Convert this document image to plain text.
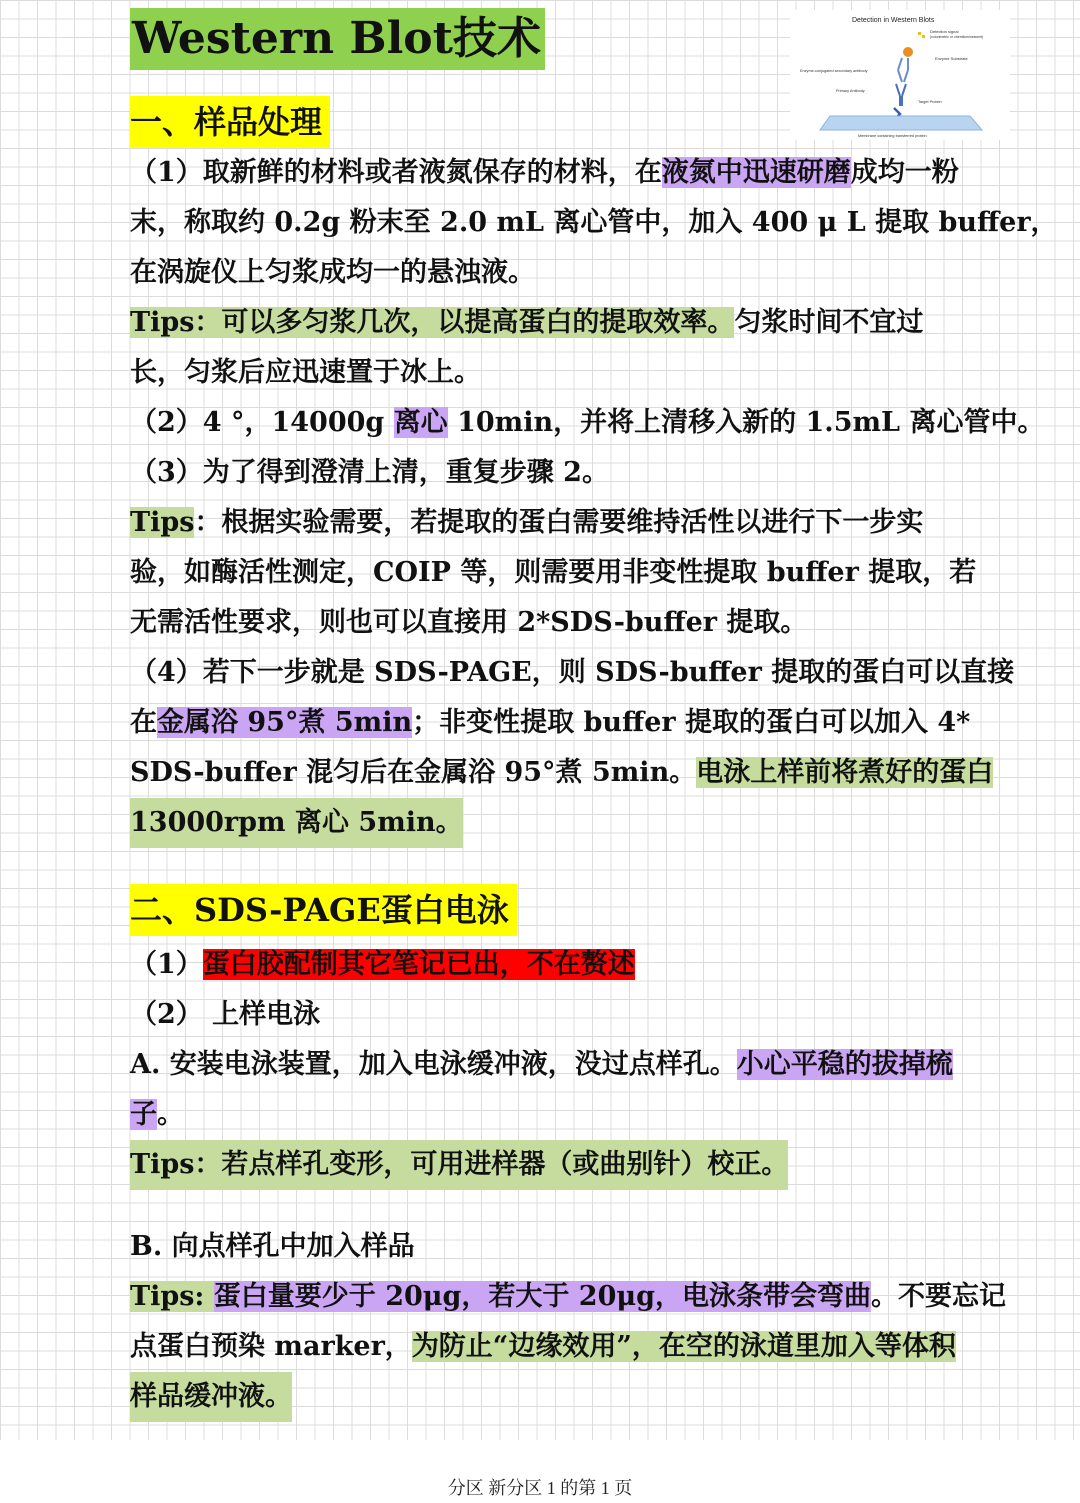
Western Blot技术	Detection in Western Blots
Detection signal
(colorimetric or chemiluminescent)
Enzyme Substrate
Enzyme-conjugated secondary antibody
Primary Antibody
Target Protein
Membrane containing transferred protein
一、样品处理
（1）取新鲜的材料或者液氮保存的材料，在液氮中迅速研磨成均一粉
末，称取约 0.2g 粉末至 2.0 mL 离心管中，加入 400 μ L 提取 buffer，
在涡旋仪上匀浆成均一的悬浊液。
Tips：可以多匀浆几次，以提高蛋白的提取效率。匀浆时间不宜过
长，匀浆后应迅速置于冰上。
（2）4 °，14000g 离心 10min，并将上清移入新的 1.5mL 离心管中。
（3）为了得到澄清上清，重复步骤 2。
Tips：根据实验需要，若提取的蛋白需要维持活性以进行下一步实
验，如酶活性测定，COIP 等，则需要用非变性提取 buffer 提取，若
无需活性要求，则也可以直接用 2*SDS-buffer 提取。
（4）若下一步就是 SDS-PAGE，则 SDS-buffer 提取的蛋白可以直接
在金属浴 95°煮 5min；非变性提取 buffer 提取的蛋白可以加入 4*
SDS-buffer 混匀后在金属浴 95°煮 5min。电泳上样前将煮好的蛋白
13000rpm 离心 5min。
二、SDS-PAGE蛋白电泳
（1）蛋白胶配制其它笔记已出，不在赘述
（2） 上样电泳
A. 安装电泳装置，加入电泳缓冲液，没过点样孔。小心平稳的拔掉梳
子。
Tips：若点样孔变形，可用进样器（或曲别针）校正。
B. 向点样孔中加入样品
Tips: 蛋白量要少于 20μg，若大于 20μg，电泳条带会弯曲。不要忘记
点蛋白预染 marker，为防止“边缘效用”，在空的泳道里加入等体积
样品缓冲液。
分区 新分区 1 的第 1 页
